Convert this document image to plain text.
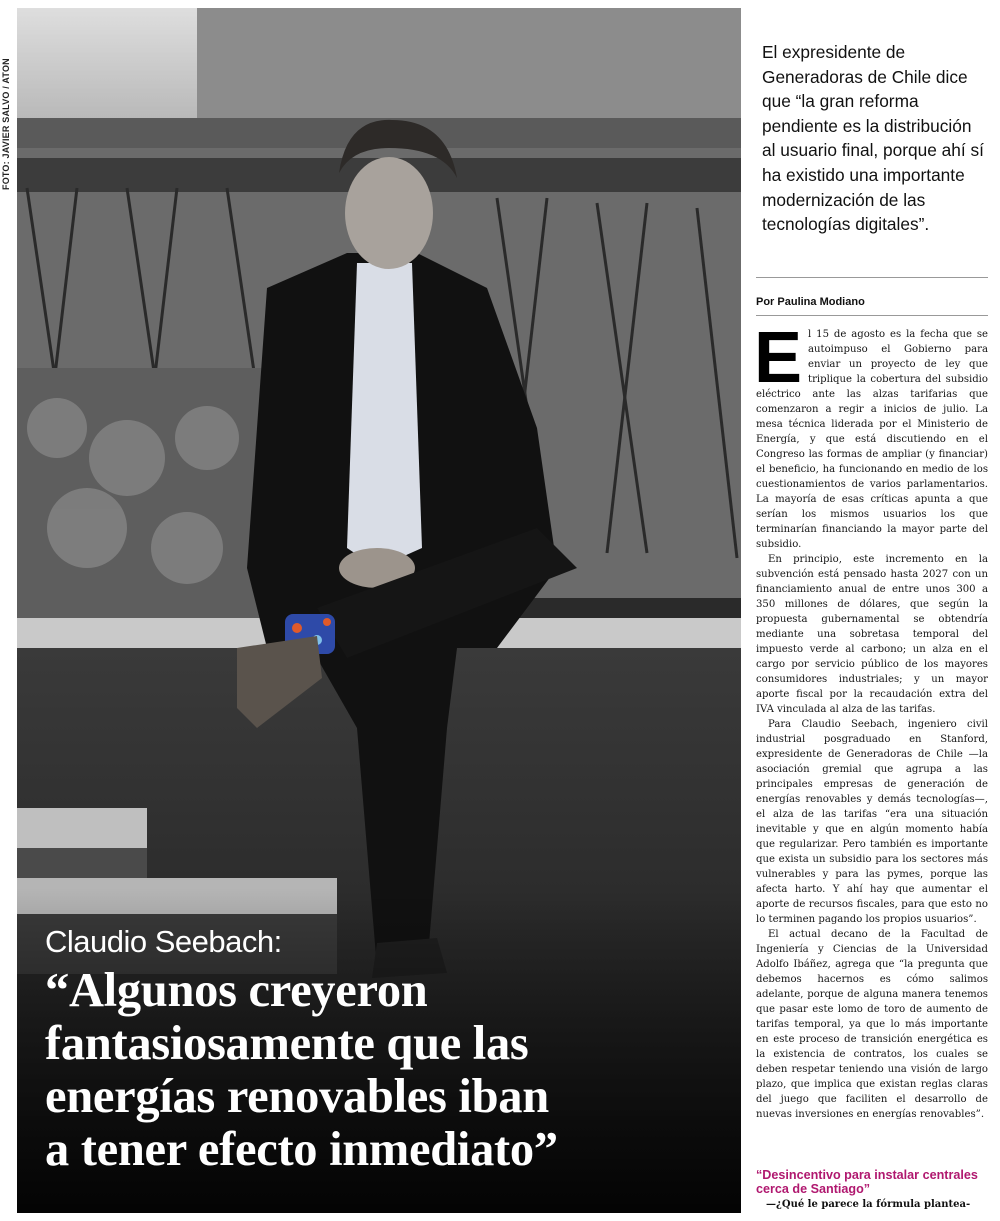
FOTO: JAVIER SALVO / ATON
Claudio Seebach:
“Algunos creyeron
fantasiosamente que las
energías renovables iban
a tener efecto inmediato”
El expresidente de Generadoras de Chile dice que “la gran reforma pendiente es la distribución al usuario final, porque ahí sí ha existido una importante modernización de las tecnologías digitales”.
Por Paulina Modiano

El 15 de agosto es la fecha que se autoimpuso el Gobierno para enviar un proyecto de ley que triplique la cobertura del subsidio eléctrico ante las alzas tarifarias que comenzaron a regir a inicios de julio. La mesa técnica liderada por el Ministerio de Energía, y que está discutiendo en el Congreso las formas de ampliar (y financiar) el beneficio, ha funcionando en medio de los cuestionamientos de varios parlamentarios. La mayoría de esas críticas apunta a que serían los mismos usuarios los que terminarían financiando la mayor parte del subsidio.

En principio, este incremento en la subvención está pensado hasta 2027 con un financiamiento anual de entre unos 300 a 350 millones de dólares, que según la propuesta gubernamental se obtendría mediante una sobretasa temporal del impuesto verde al carbono; un alza en el cargo por servicio público de los mayores consumidores industriales; y un mayor aporte fiscal por la recaudación extra del IVA vinculada al alza de las tarifas.

Para Claudio Seebach, ingeniero civil industrial posgraduado en Stanford, expresidente de Generadoras de Chile —la asociación gremial que agrupa a las principales empresas de generación de energías renovables y demás tecnologías—, el alza de las tarifas “era una situación inevitable y que en algún momento había que regularizar. Pero también es importante que exista un subsidio para los sectores más vulnerables y para las pymes, porque las afecta harto. Y ahí hay que aumentar el aporte de recursos fiscales, para que esto no lo terminen pagando los propios usuarios”.

El actual decano de la Facultad de Ingeniería y Ciencias de la Universidad Adolfo Ibáñez, agrega que “la pregunta que debemos hacernos es cómo salimos adelante, porque de alguna manera tenemos que pasar este lomo de toro de aumento de tarifas temporal, ya que lo más importante en este proceso de transición energética es la existencia de contratos, los cuales se deben respetar teniendo una visión de largo plazo, que implica que existan reglas claras del juego que faciliten el desarrollo de nuevas inversiones en energías renovables”.

“Desincentivo para instalar centrales cerca de Santiago”
—¿Qué le parece la fórmula plantea-
